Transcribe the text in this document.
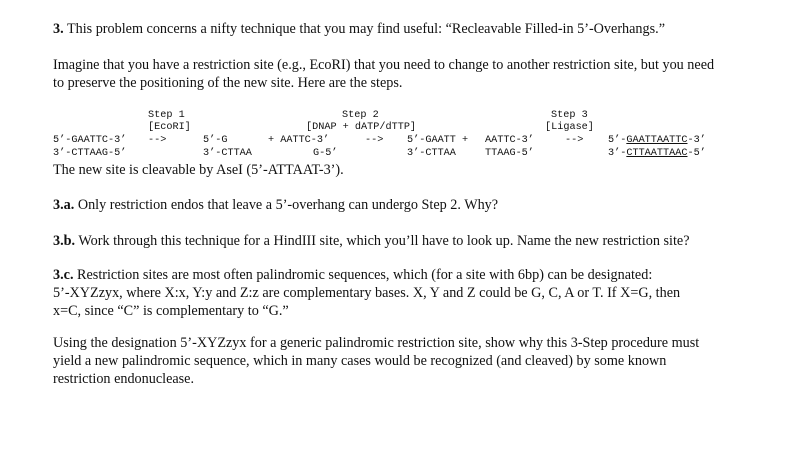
3. This problem concerns a nifty technique that you may find useful: “Recleavable Filled-in 5’-Overhangs.”
Imagine that you have a restriction site (e.g., EcoRI) that you need to change to another restriction site, but you need
to preserve the positioning of the new site. Here are the steps.
Step 1
[EcoRI]
Step 2
[DNAP + dATP/dTTP]
Step 3
[Ligase]
5’-GAATTC-3’
3’-CTTAAG-5’
-->	5’-G
3’-CTTAA
+ AATTC-3’
G-5’
--> 5’-GAATT +
3’-CTTAA
AATTC-3’
TTAAG-5’
--> 5’-GAATTAATTC-3’
3’-CTTAATTAAC-5’
The new site is cleavable by AseI (5’-ATTAAT-3’).
3.a. Only restriction endos that leave a 5’-overhang can undergo Step 2. Why?
3.b. Work through this technique for a HindIII site, which you’ll have to look up. Name the new restriction site?
3.c. Restriction sites are most often palindromic sequences, which (for a site with 6bp) can be designated:
5’-XYZzyx, where X:x, Y:y and Z:z are complementary bases. X, Y and Z could be G, C, A or T. If X=G, then
x=C, since “C” is complementary to “G.”
Using the designation 5’-XYZzyx for a generic palindromic restriction site, show why this 3-Step procedure must
yield a new palindromic sequence, which in many cases would be recognized (and cleaved) by some known
restriction endonuclease.
